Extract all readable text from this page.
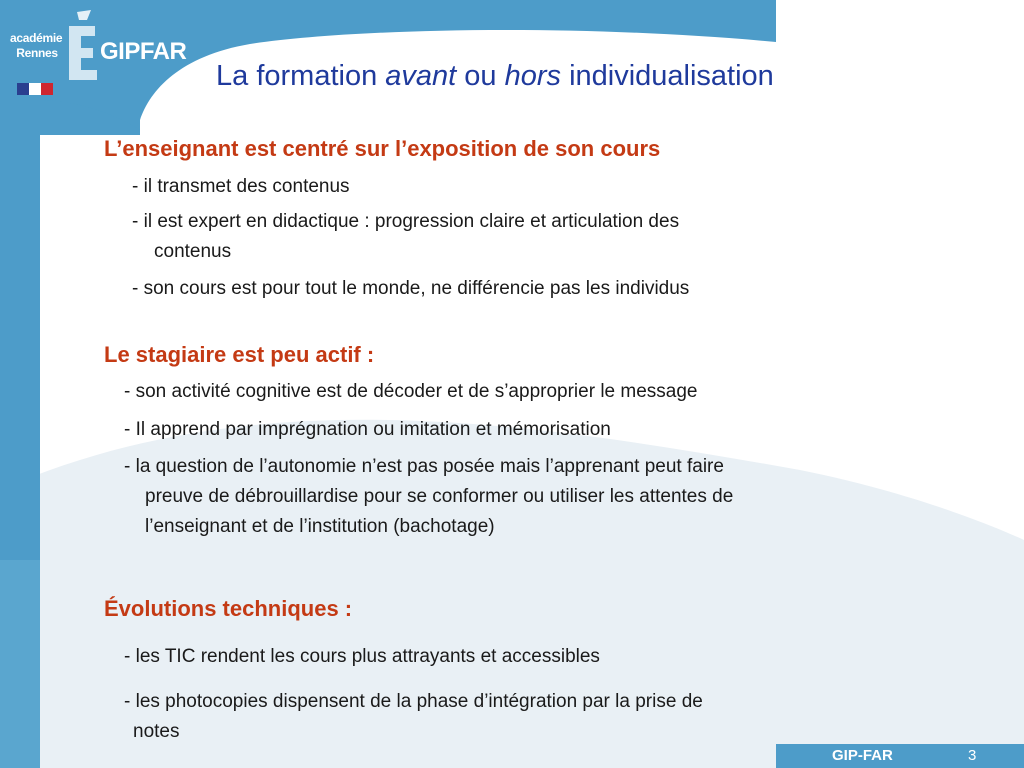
académie
Rennes GIPFAR
La formation avant ou hors individualisation
L’enseignant est centré sur l’exposition de son cours
- il transmet des contenus
- il est expert en didactique : progression claire et articulation des
contenus
- son cours est pour tout le monde, ne différencie pas les individus
Le stagiaire est peu actif :
- son activité cognitive est de décoder et de s’approprier le message
- Il apprend par imprégnation ou imitation et mémorisation
- la question de l’autonomie n’est pas posée mais l’apprenant peut faire
preuve de débrouillardise pour se conformer ou utiliser les attentes de
l’enseignant et de l’institution (bachotage)
Évolutions techniques :
- les TIC rendent les cours plus attrayants et accessibles
- les photocopies dispensent de la phase d’intégration par la prise de
notes
GIP-FAR	3
